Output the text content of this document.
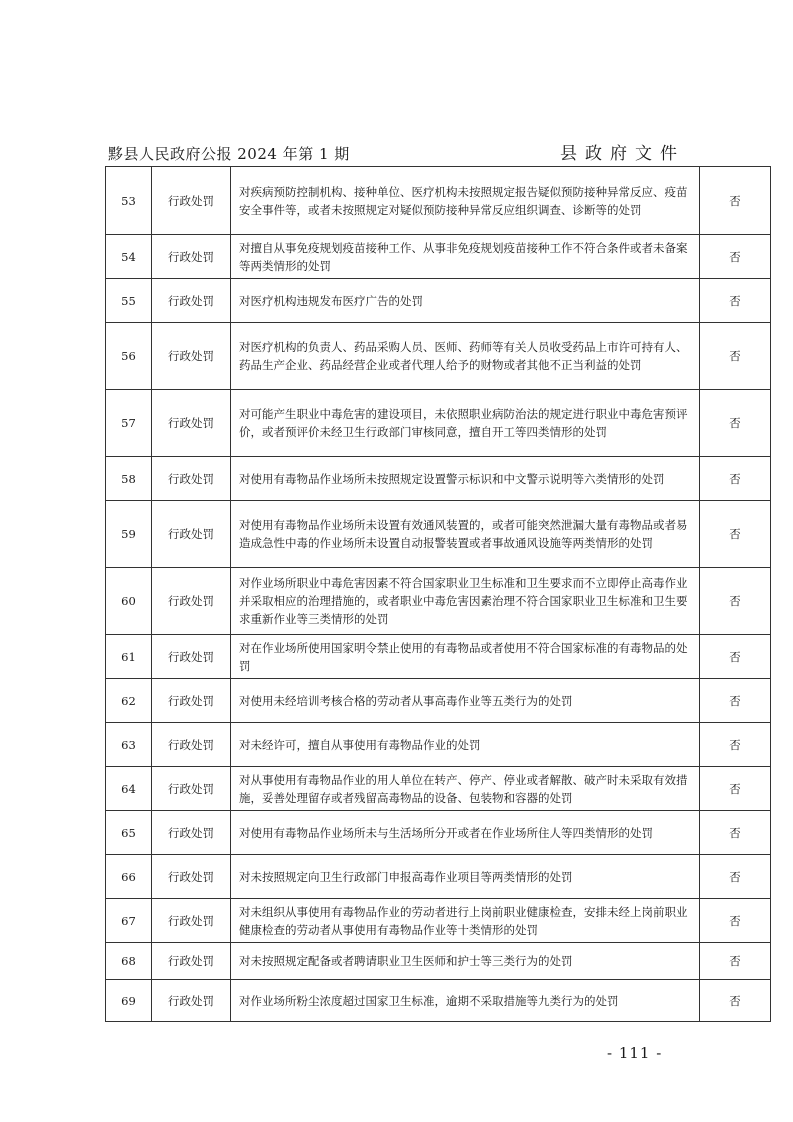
黟县人民政府公报 2024 年第 1 期	县政府文件
53	行政处罚	对疾病预防控制机构、接种单位、医疗机构未按照规定报告疑似预防接种异常反应、疫苗安全事件等，或者未按照规定对疑似预防接种异常反应组织调查、诊断等的处罚	否
54	行政处罚	对擅自从事免疫规划疫苗接种工作、从事非免疫规划疫苗接种工作不符合条件或者未备案等两类情形的处罚	否
55	行政处罚	对医疗机构违规发布医疗广告的处罚	否
56	行政处罚	对医疗机构的负责人、药品采购人员、医师、药师等有关人员收受药品上市许可持有人、药品生产企业、药品经营企业或者代理人给予的财物或者其他不正当利益的处罚	否
57	行政处罚	对可能产生职业中毒危害的建设项目，未依照职业病防治法的规定进行职业中毒危害预评价，或者预评价未经卫生行政部门审核同意，擅自开工等四类情形的处罚	否
58	行政处罚	对使用有毒物品作业场所未按照规定设置警示标识和中文警示说明等六类情形的处罚	否
59	行政处罚	对使用有毒物品作业场所未设置有效通风装置的，或者可能突然泄漏大量有毒物品或者易造成急性中毒的作业场所未设置自动报警装置或者事故通风设施等两类情形的处罚	否
60	行政处罚	对作业场所职业中毒危害因素不符合国家职业卫生标准和卫生要求而不立即停止高毒作业并采取相应的治理措施的，或者职业中毒危害因素治理不符合国家职业卫生标准和卫生要求重新作业等三类情形的处罚	否
61	行政处罚	对在作业场所使用国家明令禁止使用的有毒物品或者使用不符合国家标准的有毒物品的处罚	否
62	行政处罚	对使用未经培训考核合格的劳动者从事高毒作业等五类行为的处罚	否
63	行政处罚	对未经许可，擅自从事使用有毒物品作业的处罚	否
64	行政处罚	对从事使用有毒物品作业的用人单位在转产、停产、停业或者解散、破产时未采取有效措施，妥善处理留存或者残留高毒物品的设备、包装物和容器的处罚	否
65	行政处罚	对使用有毒物品作业场所未与生活场所分开或者在作业场所住人等四类情形的处罚	否
66	行政处罚	对未按照规定向卫生行政部门申报高毒作业项目等两类情形的处罚	否
67	行政处罚	对未组织从事使用有毒物品作业的劳动者进行上岗前职业健康检查，安排未经上岗前职业健康检查的劳动者从事使用有毒物品作业等十类情形的处罚	否
68	行政处罚	对未按照规定配备或者聘请职业卫生医师和护士等三类行为的处罚	否
69	行政处罚	对作业场所粉尘浓度超过国家卫生标准，逾期不采取措施等九类行为的处罚	否
- 111 -
